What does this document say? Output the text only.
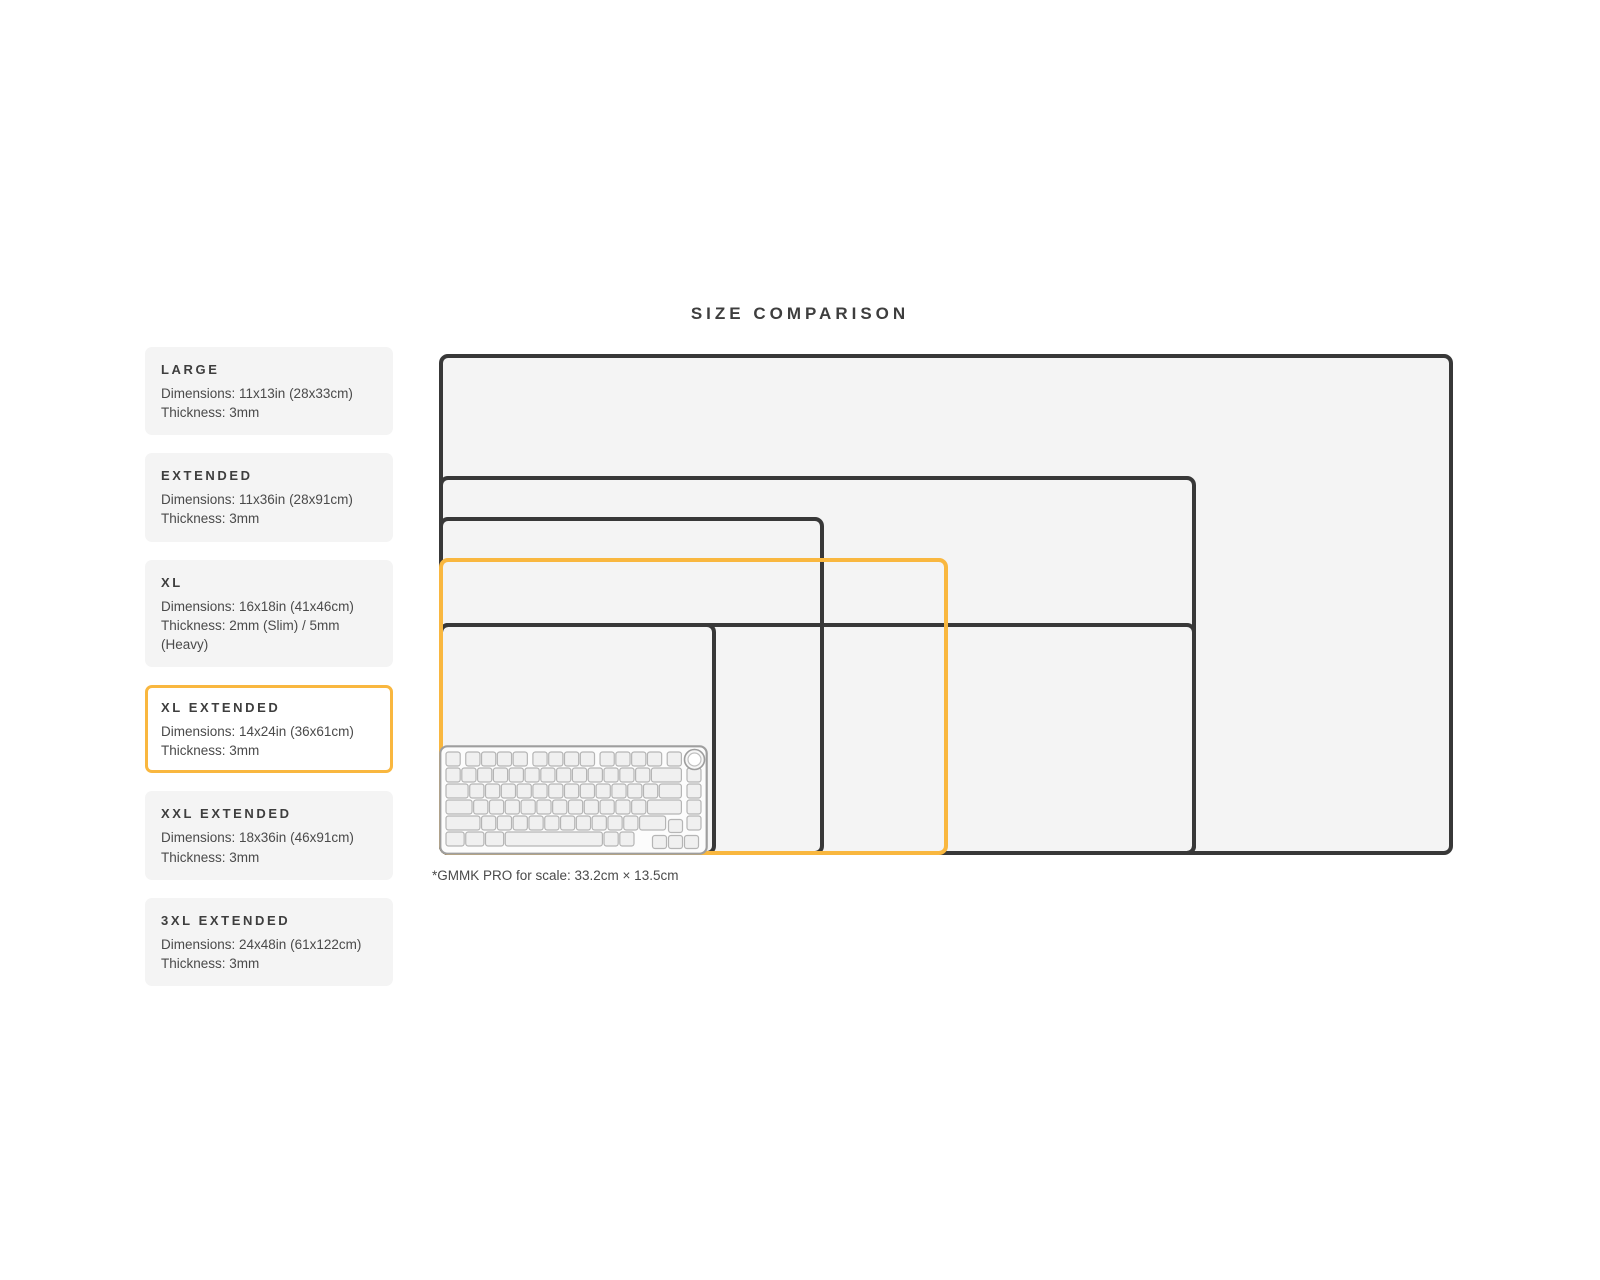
SIZE COMPARISON
LARGE
Dimensions: 11x13in (28x33cm)
Thickness: 3mm
EXTENDED
Dimensions: 11x36in (28x91cm)
Thickness: 3mm
XL
Dimensions: 16x18in (41x46cm)
Thickness: 2mm (Slim) / 5mm (Heavy)
XL EXTENDED
Dimensions: 14x24in (36x61cm)
Thickness: 3mm
XXL EXTENDED
Dimensions: 18x36in (46x91cm)
Thickness: 3mm
3XL EXTENDED
Dimensions: 24x48in (61x122cm)
Thickness: 3mm
*GMMK PRO for scale: 33.2cm × 13.5cm
